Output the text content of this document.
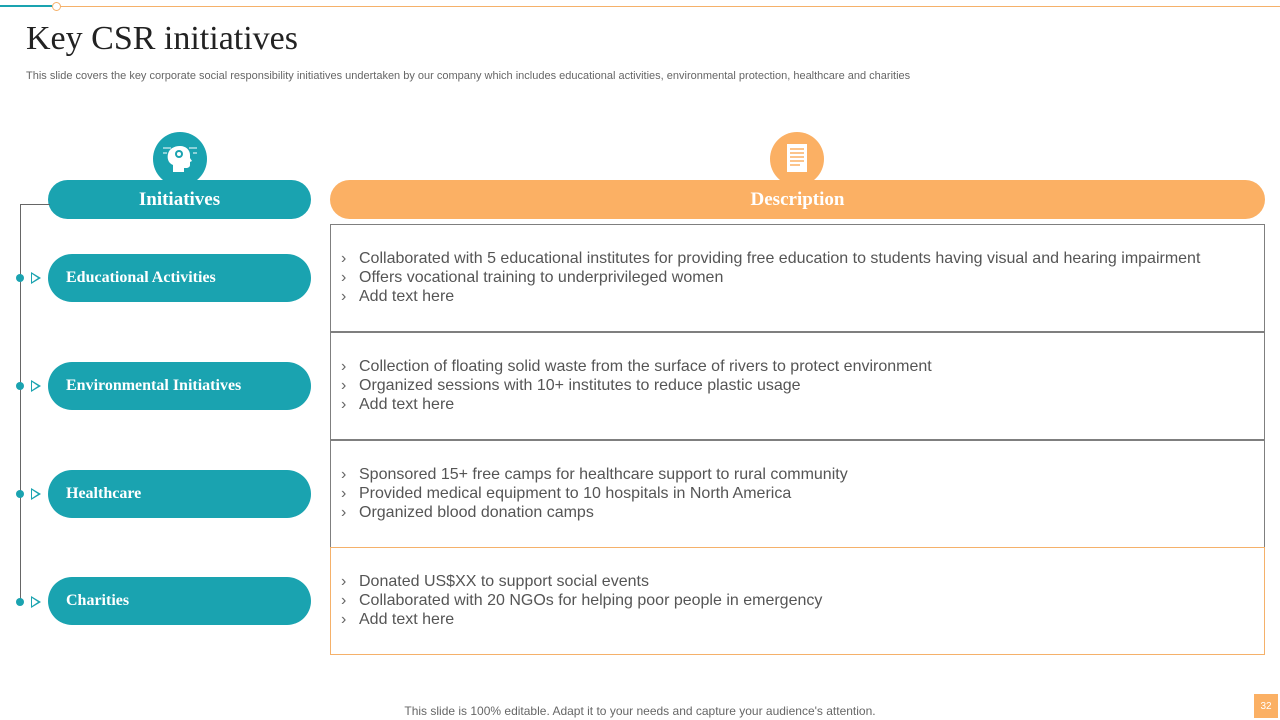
Key CSR initiatives
This slide covers the key corporate social responsibility initiatives undertaken by our company which includes educational activities, environmental protection, healthcare and charities
Initiatives	Description
Educational Activities
Environmental Initiatives
Healthcare
Charities
› Collaborated with 5 educational institutes for providing free education to students having visual and hearing impairment
› Offers vocational training to underprivileged women
› Add text here
› Collection of floating solid waste from the surface of rivers to protect environment
› Organized sessions with 10+ institutes to reduce plastic usage
› Add text here
› Sponsored 15+ free camps for healthcare support to rural community
› Provided medical equipment to 10 hospitals in North America
› Organized blood donation camps
› Donated US$XX to support social events
› Collaborated with 20 NGOs for helping poor people in emergency
› Add text here
This slide is 100% editable. Adapt it to your needs and capture your audience's attention.	32
